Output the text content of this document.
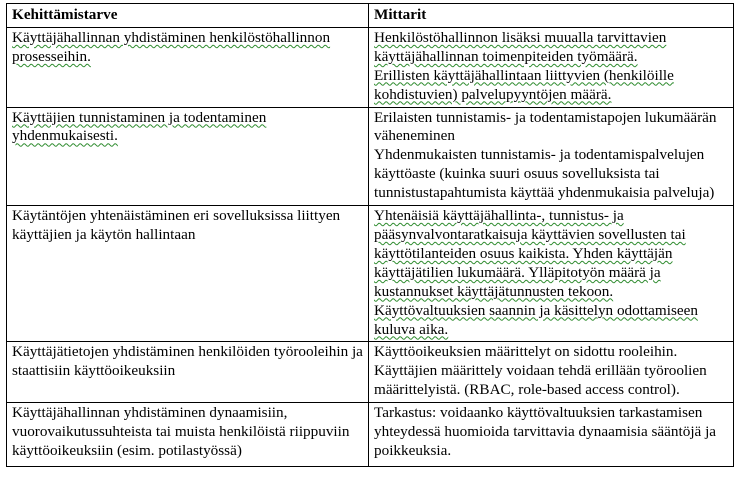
Kehittämistarve	Mittarit
Käyttäjähallinnan yhdistäminen henkilöstöhallinnon prosesseihin.	Henkilöstöhallinnon lisäksi muualla tarvittavien käyttäjähallinnan toimenpiteiden työmäärä.
Erillisten käyttäjähallintaan liittyvien (henkilöille kohdistuvien) palvelupyyntöjen määrä.

Käyttäjien tunnistaminen ja todentaminen yhdenmukaisesti.	Erilaisten tunnistamis- ja todentamistapojen lukumäärän väheneminen
Yhdenmukaisten tunnistamis- ja todentamispalvelujen käyttöaste (kuinka suuri osuus sovelluksista tai tunnistustapahtumista käyttää yhdenmukaisia palveluja)

Käytäntöjen yhtenäistäminen eri sovelluksissa liittyen käyttäjien ja käytön hallintaan	Yhtenäisiä käyttäjähallinta-, tunnistus- ja pääsynvalvontaratkaisuja käyttävien sovellusten tai käyttötilanteiden osuus kaikista. Yhden käyttäjän käyttäjätilien lukumäärä. Ylläpitotyön määrä ja kustannukset käyttäjätunnusten tekoon. Käyttövaltuuksien saannin ja käsittelyn odottamiseen kuluva aika.

Käyttäjätietojen yhdistäminen henkilöiden työrooleihin ja staattisiin käyttöoikeuksiin	Käyttöoikeuksien määrittelyt on sidottu rooleihin. Käyttäjien määrittely voidaan tehdä erillään työroolien määrittelyistä. (RBAC, role-based access control).

Käyttäjähallinnan yhdistäminen dynaamisiin, vuorovaikutussuhteista tai muista henkilöistä riippuviin käyttöoikeuksiin (esim. potilastyössä)	Tarkastus: voidaanko käyttövaltuuksien tarkastamisen yhteydessä huomioida tarvittavia dynaamisia sääntöjä ja poikkeuksia.
